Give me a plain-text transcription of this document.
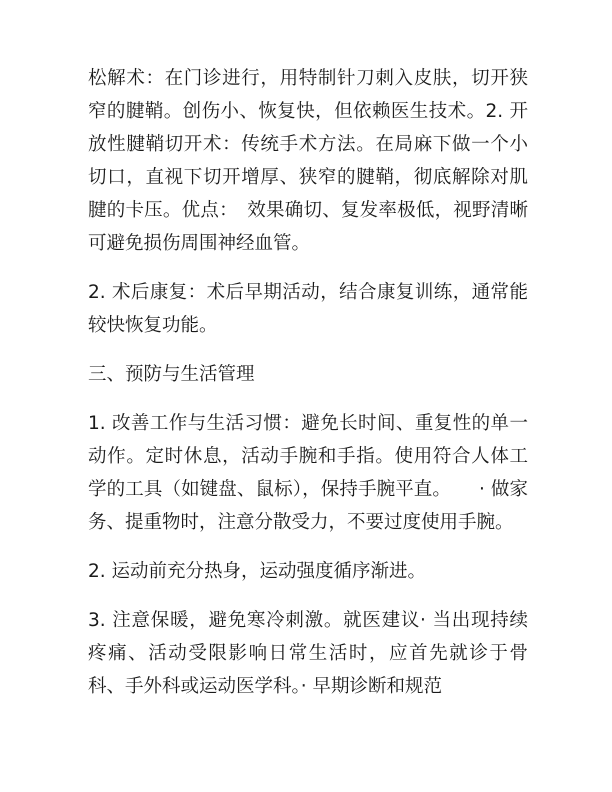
松解术：在门诊进行，用特制针刀刺入皮肤，切开狭窄的腱鞘。创伤小、恢复快，但依赖医生技术。2. 开放性腱鞘切开术：传统手术方法。在局麻下做一个小切口，直视下切开增厚、狭窄的腱鞘，彻底解除对肌腱的卡压。优点：　效果确切、复发率极低，视野清晰可避免损伤周围神经血管。

2. 术后康复：术后早期活动，结合康复训练，通常能较快恢复功能。

三、预防与生活管理

1. 改善工作与生活习惯：避免长时间、重复性的单一动作。定时休息，活动手腕和手指。使用符合人体工学的工具（如键盘、鼠标），保持手腕平直。　　· 做家务、提重物时，注意分散受力，不要过度使用手腕。

2. 运动前充分热身，运动强度循序渐进。

3. 注意保暖，避免寒冷刺激。就医建议· 当出现持续疼痛、活动受限影响日常生活时，应首先就诊于骨科、手外科或运动医学科。· 早期诊断和规范
